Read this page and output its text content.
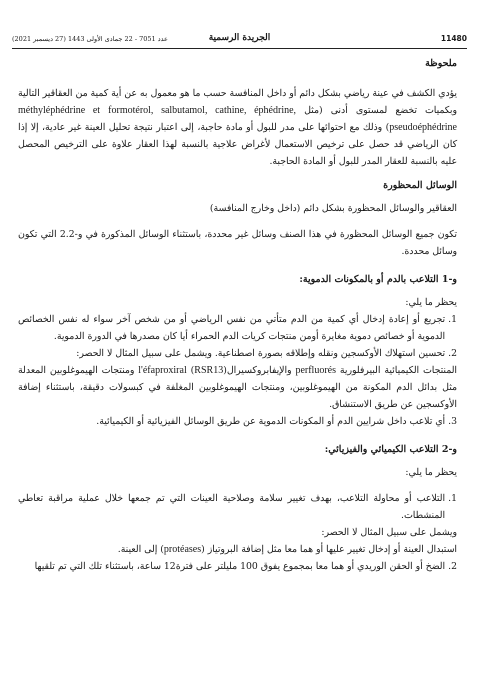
11480
الجريدة الرسمية
عدد 7051 - 22 جمادى الأولى 1443 (27 ديسمبر 2021)

ملحوظة

يؤدي الكشف في عينة رياضي بشكل دائم أو داخل المنافسة حسب ما هو معمول به عن أية كمية من العقاقير التالية وبكميات تخضع لمستوى أدنى (مثل formotérol, salbutamol, cathine, éphédrine, méthyléphédrine et pseudoéphédrine) وذلك مع احتوائها على مدر للبول أو مادة حاجبة، إلى اعتبار نتيجة تحليل العينة غير عادية، إلا إذا كان الرياضي قد حصل على ترخيص الاستعمال لأغراض علاجية بالنسبة لهذا العقار علاوة على الترخيص المحصل عليه بالنسبة للعقار المدر للبول أو المادة الحاجبة.

الوسائل المحظورة

العقاقير والوسائل المحظورة بشكل دائم (داخل وخارج المنافسة)

تكون جميع الوسائل المحظورة في هذا الصنف وسائل غير محددة، باستثناء الوسائل المذكورة في و-2.2 التي تكون وسائل محددة.

و-1 التلاعب بالدم أو بالمكونات الدموية:

يحظر ما يلي:

1.
تجريع أو إعادة إدخال أي كمية من الدم متأتي من نفس الرياضي أو من شخص آخر سواء له نفس الخصائص الدموية أو خصائص دموية مغايرة أومن منتجات كريات الدم الحمراء أيا كان مصدرها في الدورة الدموية.
2.
تحسين استهلاك الأوكسجين ونقله وإطلاقه بصورة اصطناعية. ويشمل على سبيل المثال لا الحصر:

المنتجات الكيميائية البيرفلورية perfluorés والإيفابروكسيرال(RSR13) l'éfaproxiral ومنتجات الهيموغلوبين المعدلة مثل بدائل الدم المكونة من الهيموغلوبين، ومنتجات الهيموغلوبين المغلفة في كبسولات دقيقة، باستثناء إضافة الأوكسجين عن طريق الاستنشاق.

3.
أي تلاعب داخل شرايين الدم أو المكونات الدموية عن طريق الوسائل الفيزيائية أو الكيميائية.

و-2 التلاعب الكيميائي والفيزيائي:

يحظر ما يلي:

1.
التلاعب أو محاولة التلاعب، بهدف تغيير سلامة وصلاحية العينات التي تم جمعها خلال عملية مراقبة تعاطي المنشطات.

ويشمل على سبيل المثال لا الحصر:

استبدال العينة أو إدخال تغيير عليها أو هما معا مثل إضافة البروتياز (protéases) إلى العينة.

2.
الضخ أو الحقن الوريدي أو هما معا بمجموع يفوق 100 مليلتر على فترة12 ساعة، باستثناء تلك التي تم تلقيها
